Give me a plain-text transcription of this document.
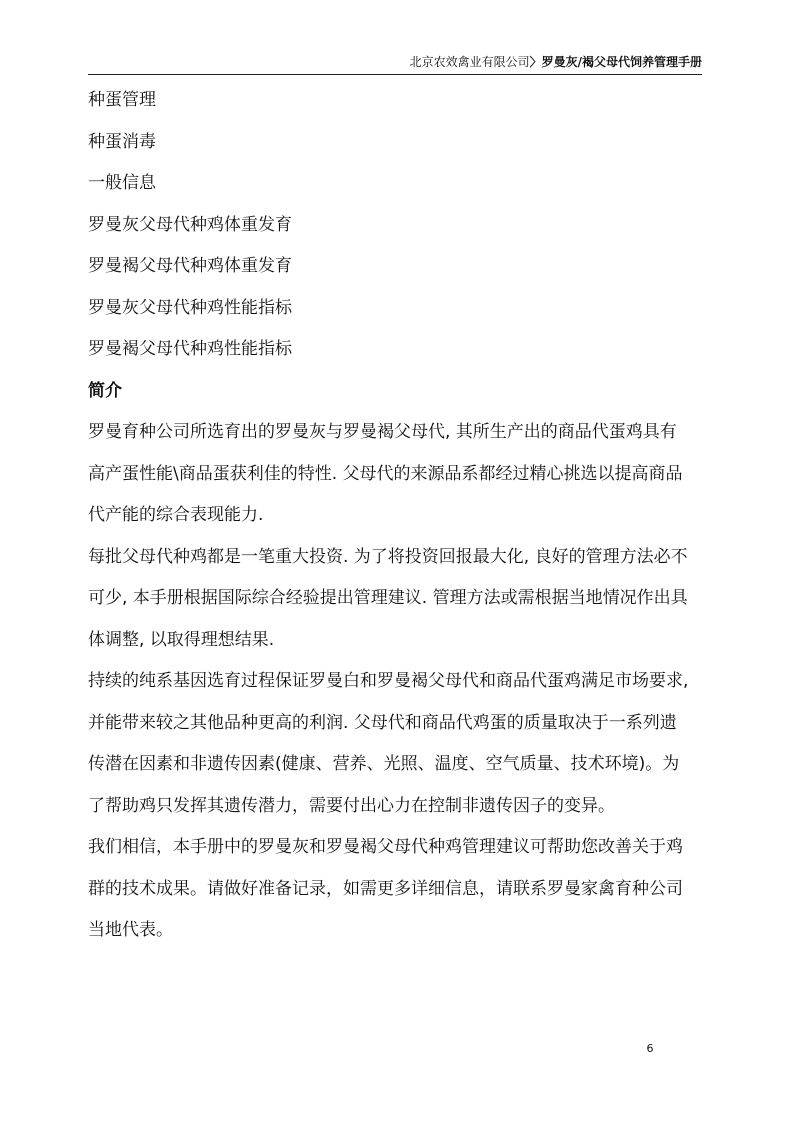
北京农效禽业有限公司〉罗曼灰/褐父母代饲养管理手册
种蛋管理
种蛋消毒
一般信息
罗曼灰父母代种鸡体重发育
罗曼褐父母代种鸡体重发育
罗曼灰父母代种鸡性能指标
罗曼褐父母代种鸡性能指标
简介

罗曼育种公司所选育出的罗曼灰与罗曼褐父母代, 其所生产出的商品代蛋鸡具有
高产蛋性能\商品蛋获利佳的特性. 父母代的来源品系都经过精心挑选以提高商品
代产能的综合表现能力.

每批父母代种鸡都是一笔重大投资. 为了将投资回报最大化, 良好的管理方法必不
可少, 本手册根据国际综合经验提出管理建议. 管理方法或需根据当地情况作出具
体调整, 以取得理想结果.

持续的纯系基因选育过程保证罗曼白和罗曼褐父母代和商品代蛋鸡满足市场要求,
并能带来较之其他品种更高的利润. 父母代和商品代鸡蛋的质量取决于一系列遗
传潜在因素和非遗传因素(健康、营养、光照、温度、空气质量、技术环境)。为
了帮助鸡只发挥其遗传潜力，需要付出心力在控制非遗传因子的变异。

我们相信，本手册中的罗曼灰和罗曼褐父母代种鸡管理建议可帮助您改善关于鸡
群的技术成果。请做好准备记录，如需更多详细信息，请联系罗曼家禽育种公司
当地代表。

6
